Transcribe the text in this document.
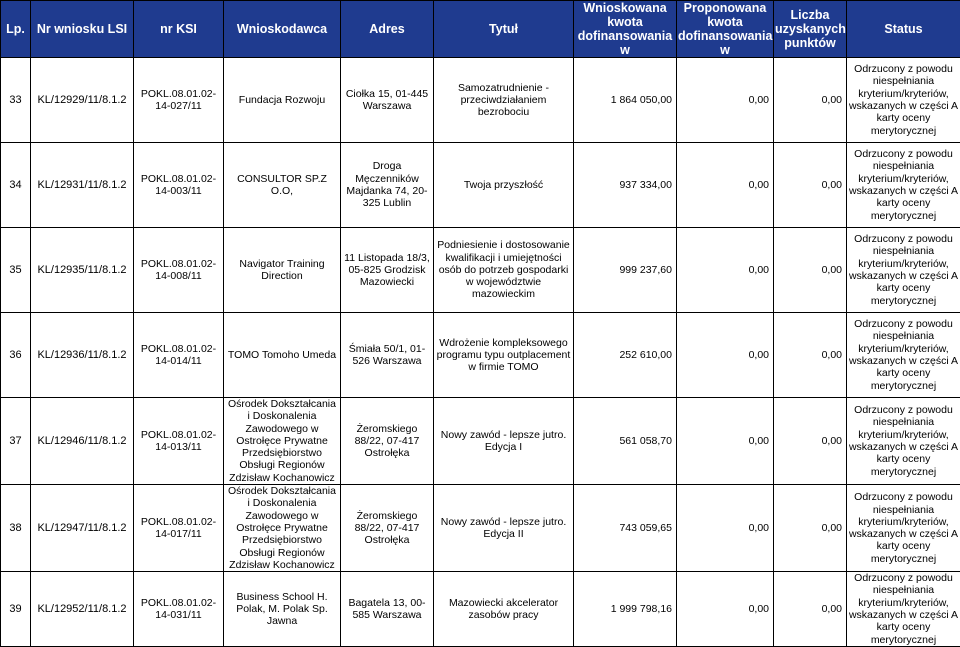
Lp.	Nr wniosku LSI	nr KSI	Wnioskodawca	Adres	Tytuł	Wnioskowana kwota dofinansowania w	Proponowana kwota dofinansowania w	Liczba uzyskanych punktów	Status
33	KL/12929/11/8.1.2	POKL.08.01.02-14-027/11	Fundacja Rozwoju	Ciołka 15, 01-445 Warszawa	Samozatrudnienie - przeciwdziałaniem bezrobociu	1 864 050,00	0,00	0,00	Odrzucony z powodu niespełniania kryterium/kryteriów, wskazanych w części A karty oceny merytorycznej
34	KL/12931/11/8.1.2	POKL.08.01.02-14-003/11	CONSULTOR SP.Z O.O,	Droga Męczenników Majdanka 74, 20-325 Lublin	Twoja przyszłość	937 334,00	0,00	0,00	Odrzucony z powodu niespełniania kryterium/kryteriów, wskazanych w części A karty oceny merytorycznej
35	KL/12935/11/8.1.2	POKL.08.01.02-14-008/11	Navigator Training Direction	11 Listopada 18/3, 05-825 Grodzisk Mazowiecki	Podniesienie i dostosowanie kwalifikacji i umiejętności osób do potrzeb gospodarki w województwie mazowieckim	999 237,60	0,00	0,00	Odrzucony z powodu niespełniania kryterium/kryteriów, wskazanych w części A karty oceny merytorycznej
36	KL/12936/11/8.1.2	POKL.08.01.02-14-014/11	TOMO Tomoho Umeda	Śmiała 50/1, 01-526 Warszawa	Wdrożenie kompleksowego programu typu outplacement w firmie TOMO	252 610,00	0,00	0,00	Odrzucony z powodu niespełniania kryterium/kryteriów, wskazanych w części A karty oceny merytorycznej
37	KL/12946/11/8.1.2	POKL.08.01.02-14-013/11	Ośrodek Dokształcania i Doskonalenia Zawodowego w Ostrołęce Prywatne Przedsiębiorstwo Obsługi Regionów Zdzisław Kochanowicz	Żeromskiego 88/22, 07-417 Ostrołęka	Nowy zawód - lepsze jutro. Edycja I	561 058,70	0,00	0,00	Odrzucony z powodu niespełniania kryterium/kryteriów, wskazanych w części A karty oceny merytorycznej
38	KL/12947/11/8.1.2	POKL.08.01.02-14-017/11	Ośrodek Dokształcania i Doskonalenia Zawodowego w Ostrołęce Prywatne Przedsiębiorstwo Obsługi Regionów Zdzisław Kochanowicz	Żeromskiego 88/22, 07-417 Ostrołęka	Nowy zawód - lepsze jutro. Edycja II	743 059,65	0,00	0,00	Odrzucony z powodu niespełniania kryterium/kryteriów, wskazanych w części A karty oceny merytorycznej
39	KL/12952/11/8.1.2	POKL.08.01.02-14-031/11	Business School H. Polak, M. Polak Sp. Jawna	Bagatela 13, 00-585 Warszawa	Mazowiecki akcelerator zasobów pracy	1 999 798,16	0,00	0,00	Odrzucony z powodu niespełniania kryterium/kryteriów, wskazanych w części A karty oceny merytorycznej
